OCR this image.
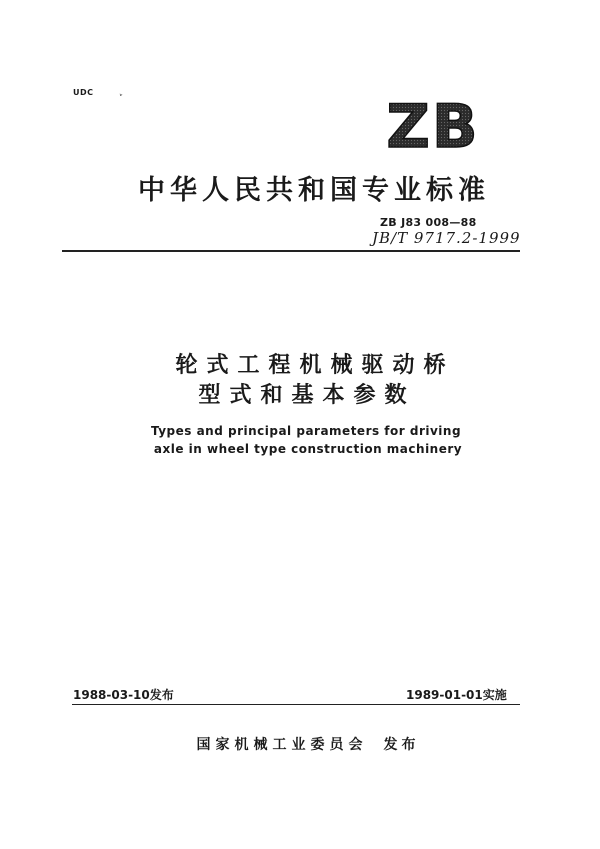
UDC
ˇ	ZB
中华人民共和国专业标准
ZB J83 008—88
JB/T 9717.2-1999
轮式工程机械驱动桥
型式和基本参数
Types and principal parameters for driving
axle in wheel type construction machinery
1988-03-10发布	1989-01-01实施
国家机械工业委员会 发布
